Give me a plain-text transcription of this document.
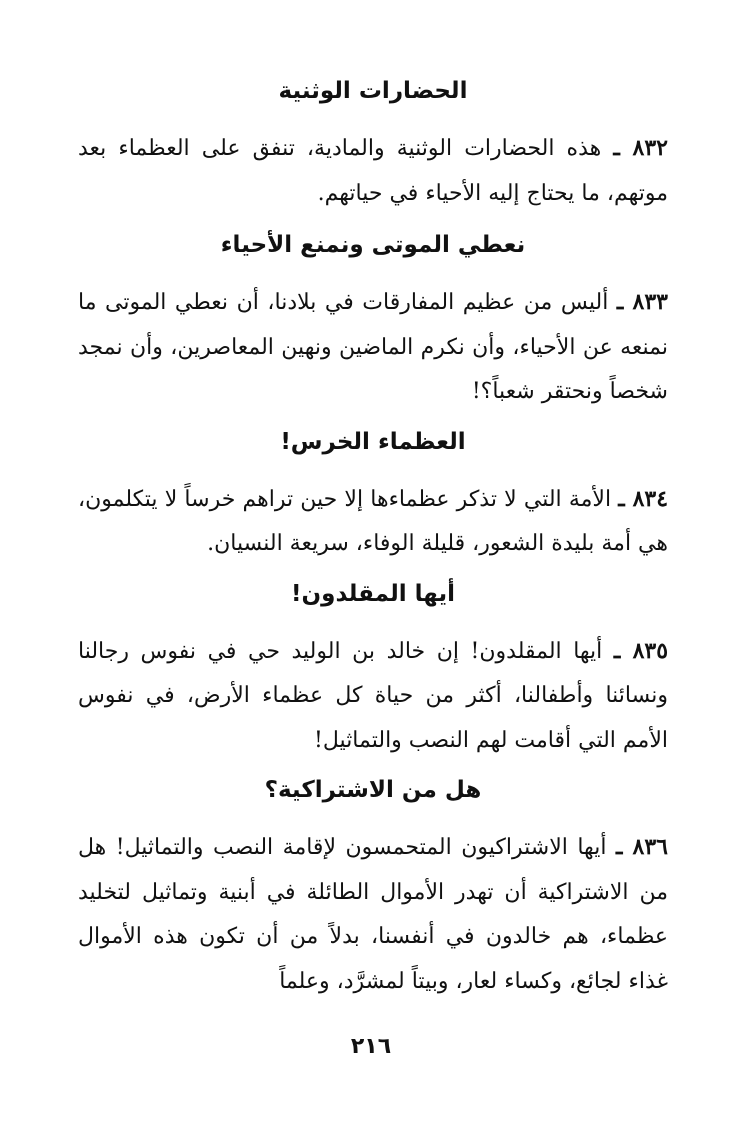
الحضارات الوثنية

٨٣٢ ـ هذه الحضارات الوثنية والمادية، تنفق على العظماء بعد موتهم، ما يحتاج إليه الأحياء في حياتهم.

نعطي الموتى ونمنع الأحياء

٨٣٣ ـ أليس من عظيم المفارقات في بلادنا، أن نعطي الموتى ما نمنعه عن الأحياء، وأن نكرم الماضين ونهين المعاصرين، وأن نمجد شخصاً ونحتقر شعباً؟!

العظماء الخرس!

٨٣٤ ـ الأمة التي لا تذكر عظماءها إلا حين تراهم خرساً لا يتكلمون، هي أمة بليدة الشعور، قليلة الوفاء، سريعة النسيان.

أيها المقلدون!

٨٣٥ ـ أيها المقلدون! إن خالد بن الوليد حي في نفوس رجالنا ونسائنا وأطفالنا، أكثر من حياة كل عظماء الأرض، في نفوس الأمم التي أقامت لهم النصب والتماثيل!

هل من الاشتراكية؟

٨٣٦ ـ أيها الاشتراكيون المتحمسون لإقامة النصب والتماثيل! هل من الاشتراكية أن تهدر الأموال الطائلة في أبنية وتماثيل لتخليد عظماء، هم خالدون في أنفسنا، بدلاً من أن تكون هذه الأموال غذاء لجائع، وكساء لعار، وبيتاً لمشرَّد، وعلماً

٢١٦
